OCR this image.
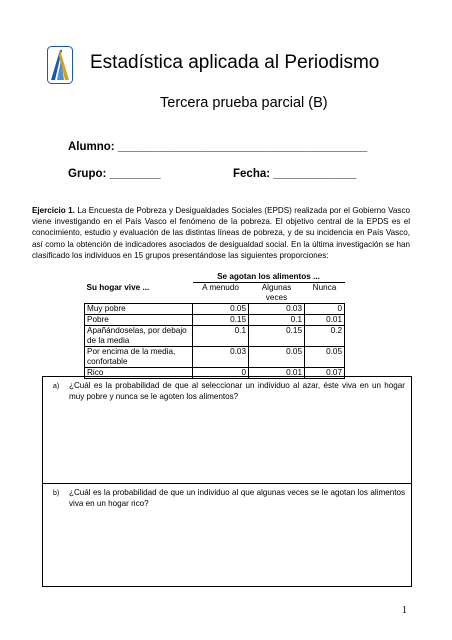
Estadística aplicada al Periodismo
Tercera prueba parcial (B)
Alumno: _______________________________________
Grupo: ________	Fecha: _____________
Ejercicio 1. La Encuesta de Pobreza y Desigualdades Sociales (EPDS) realizada por el Gobierno Vasco viene investigando en el País Vasco el fenómeno de la pobreza. El objetivo central de la EPDS es el conocimiento, estudio y evaluación de las distintas líneas de pobreza, y de su incidencia en País Vasco, así como la obtención de indicadores asociados de desigualdad social. En la última investigación se han clasificado los individuos en 15 grupos presentándose las siguientes proporciones:
	Se agotan los alimentos ...		
Su hogar vive ...	A menudo	Algunas veces	Nunca
Muy pobre	0.05	0.03	0
Pobre	0.15	0.1	0.01
Apañándoselas, por debajo de la media	0.1	0.15	0.2
Por encima de la media, confortable	0.03	0.05	0.05
Rico	0	0.01	0.07
a)	¿Cuál es la probabilidad de que al seleccionar un individuo al azar, éste viva en un hogar muy pobre y nunca se le agoten los alimentos?
b)	¿Cuál es la probabilidad de que un individuo al que algunas veces se le agotan los alimentos viva en un hogar rico?
1
